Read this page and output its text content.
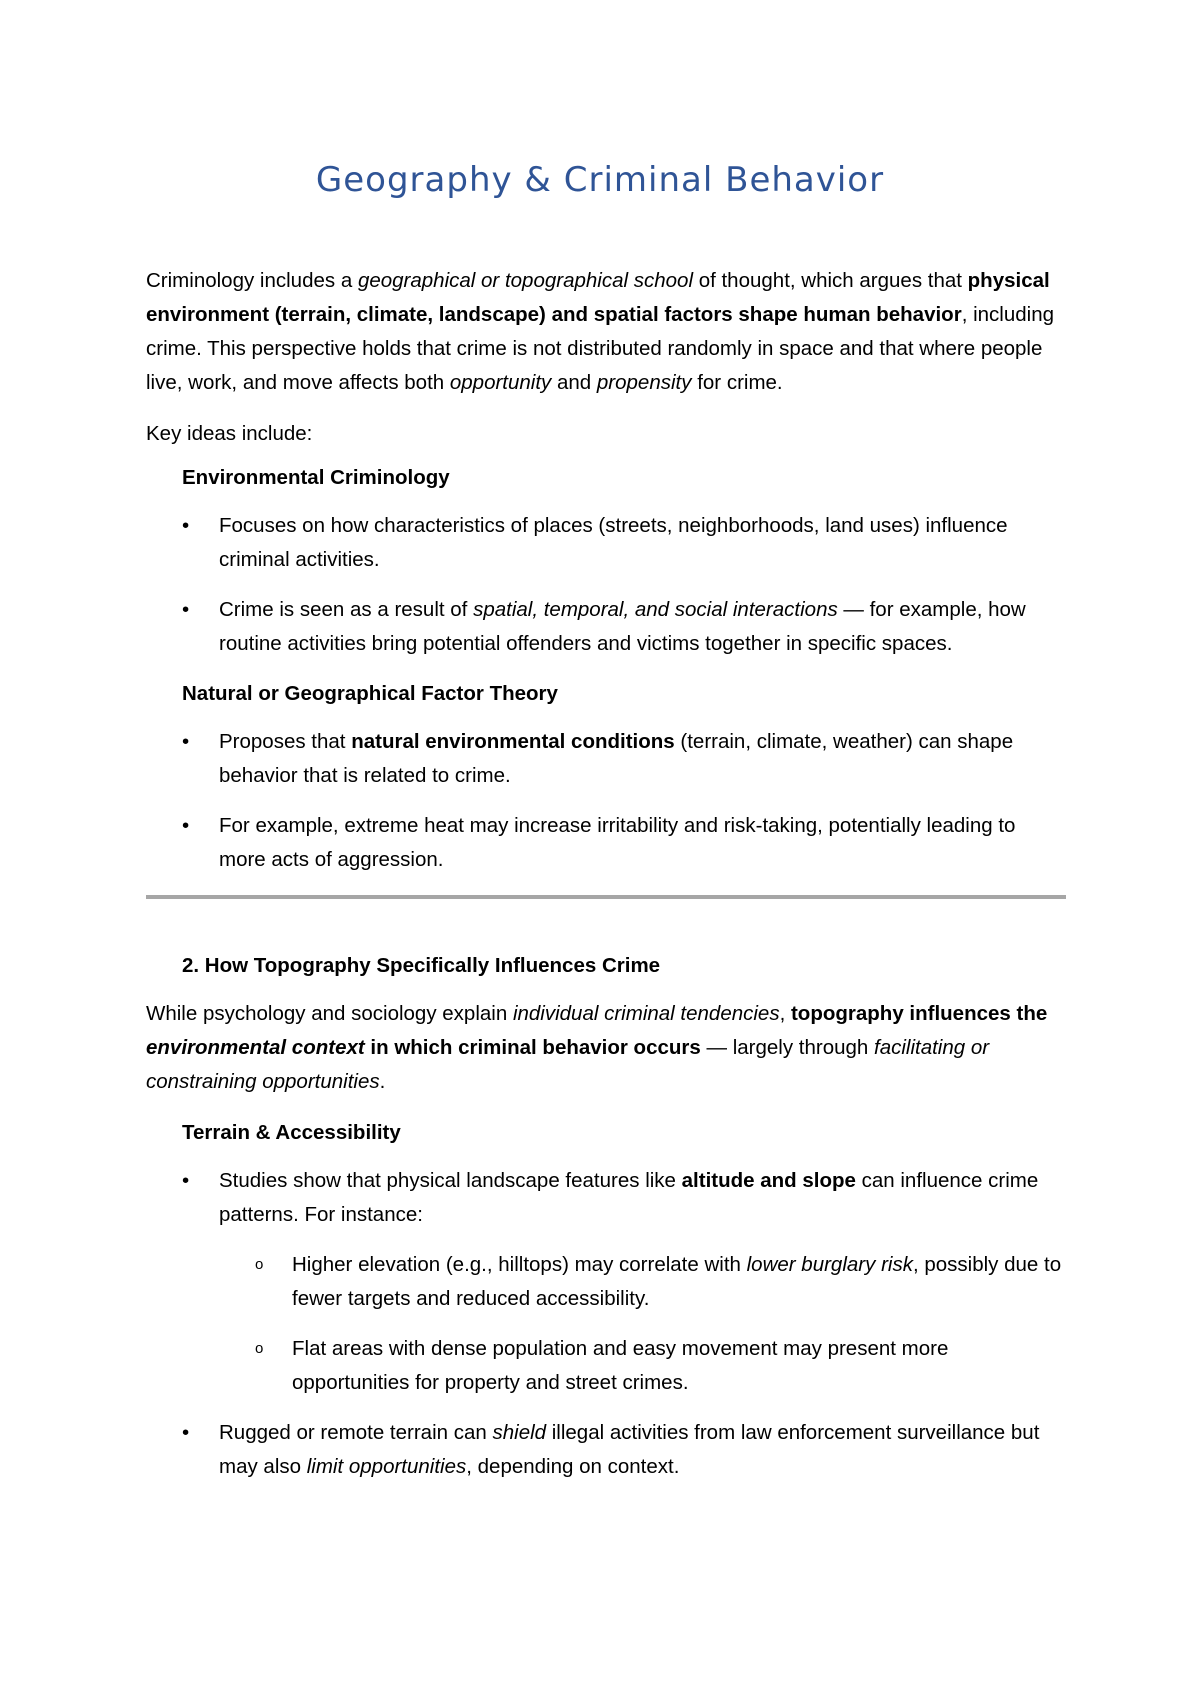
Geography & Criminal Behavior

Criminology includes a geographical or topographical school of thought, which argues that physical environment (terrain, climate, landscape) and spatial factors shape human behavior, including crime. This perspective holds that crime is not distributed randomly in space and that where people live, work, and move affects both opportunity and propensity for crime.

Key ideas include:

Environmental Criminology

• Focuses on how characteristics of places (streets, neighborhoods, land uses) influence criminal activities.
• Crime is seen as a result of spatial, temporal, and social interactions — for example, how routine activities bring potential offenders and victims together in specific spaces.

Natural or Geographical Factor Theory

• Proposes that natural environmental conditions (terrain, climate, weather) can shape behavior that is related to crime.
• For example, extreme heat may increase irritability and risk-taking, potentially leading to more acts of aggression.

2. How Topography Specifically Influences Crime

While psychology and sociology explain individual criminal tendencies, topography influences the environmental context in which criminal behavior occurs — largely through facilitating or constraining opportunities.

Terrain & Accessibility

• Studies show that physical landscape features like altitude and slope can influence crime patterns. For instance:
o Higher elevation (e.g., hilltops) may correlate with lower burglary risk, possibly due to fewer targets and reduced accessibility.
o Flat areas with dense population and easy movement may present more opportunities for property and street crimes.
• Rugged or remote terrain can shield illegal activities from law enforcement surveillance but may also limit opportunities, depending on context.
